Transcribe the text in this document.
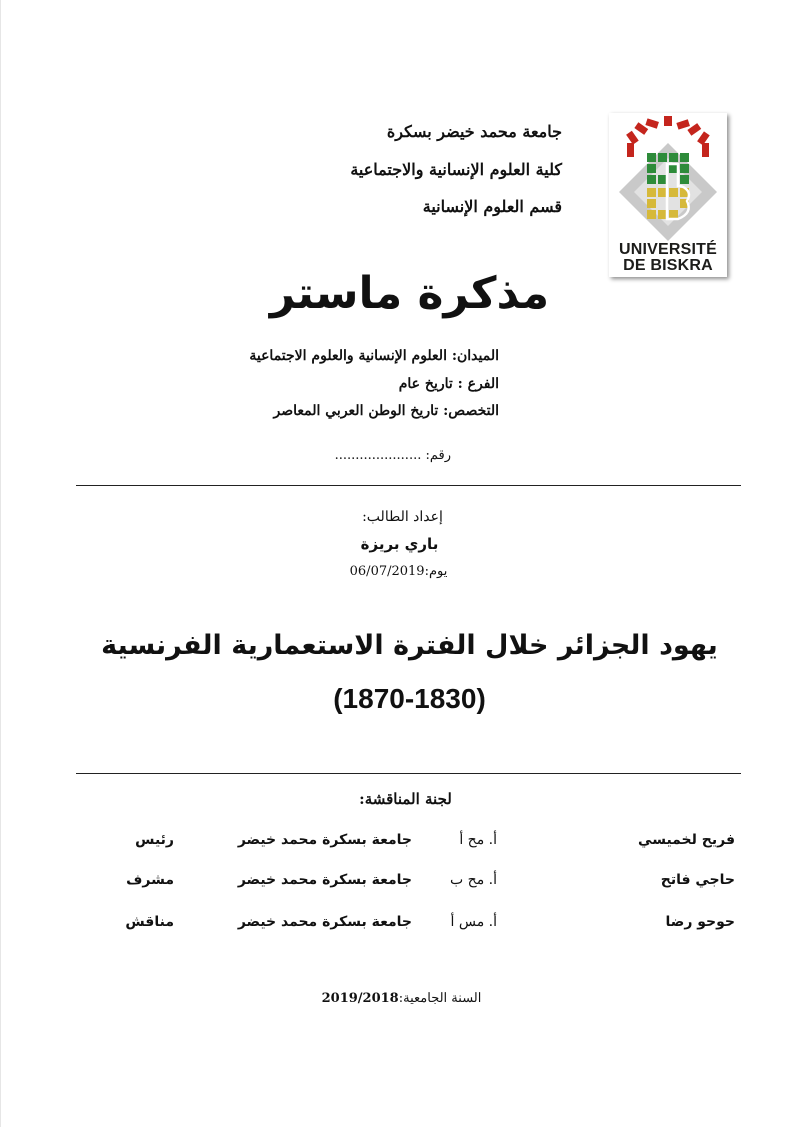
جامعة محمد خيضر بسكرة
كلية العلوم الإنسانية والاجتماعية
قسم العلوم الإنسانية
UNIVERSITÉ
DE BISKRA
مذكرة ماستر
الميدان: العلوم الإنسانية والعلوم الاجتماعية
الفرع : تاريخ عام
التخصص: تاريخ الوطن العربي المعاصر
رقم: .....................
إعداد الطالب:
باري بريزة
يوم:06/07/2019
يهود الجزائر خلال الفترة الاستعمارية الفرنسية
(1870-1830)
لجنة المناقشة:
فريح لخميسي
أ. مح أ
جامعة بسكرة محمد خيضر
رئيس
حاجي فاتح
أ. مح ب
جامعة بسكرة محمد خيضر
مشرف
حوحو رضا
أ. مس أ
جامعة بسكرة محمد خيضر
مناقش
السنة الجامعية:2019/2018
